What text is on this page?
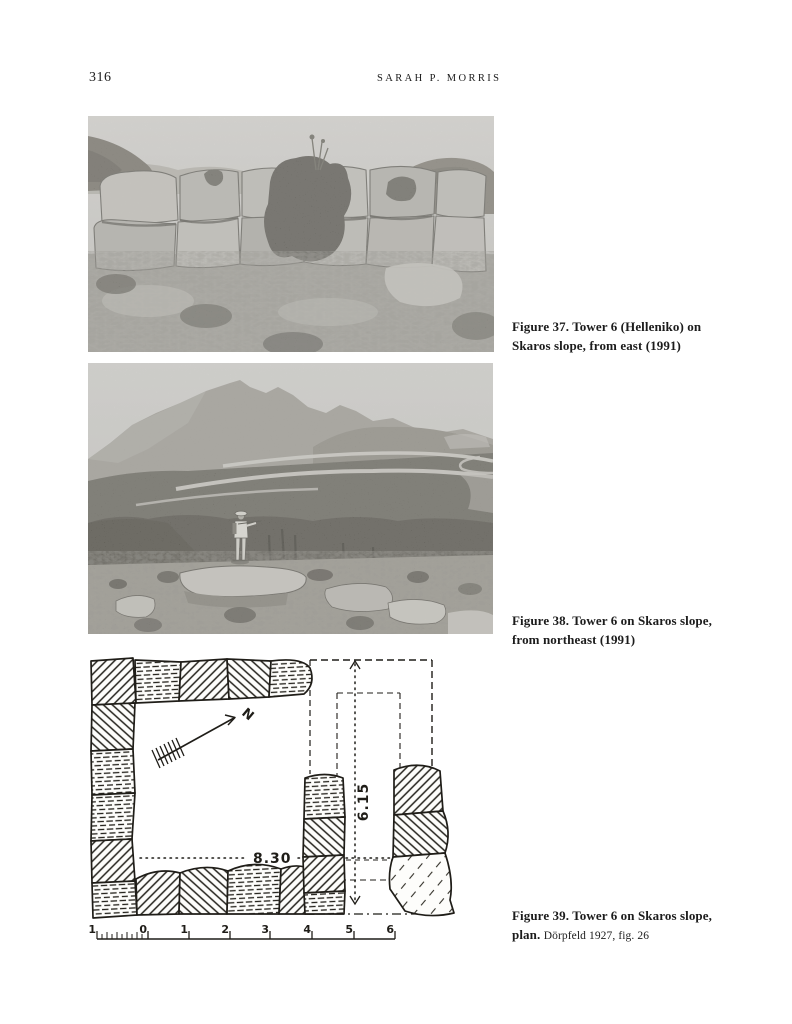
316	SARAH P. MORRIS
Figure 37. Tower 6 (Helleniko) on Skaros slope, from east (1991)
Figure 38. Tower 6 on Skaros slope, from northeast (1991)
N
8.30
6.15
1	0	1	2	3	4	5	6
Figure 39. Tower 6 on Skaros slope, plan. Dörpfeld 1927, fig. 26
